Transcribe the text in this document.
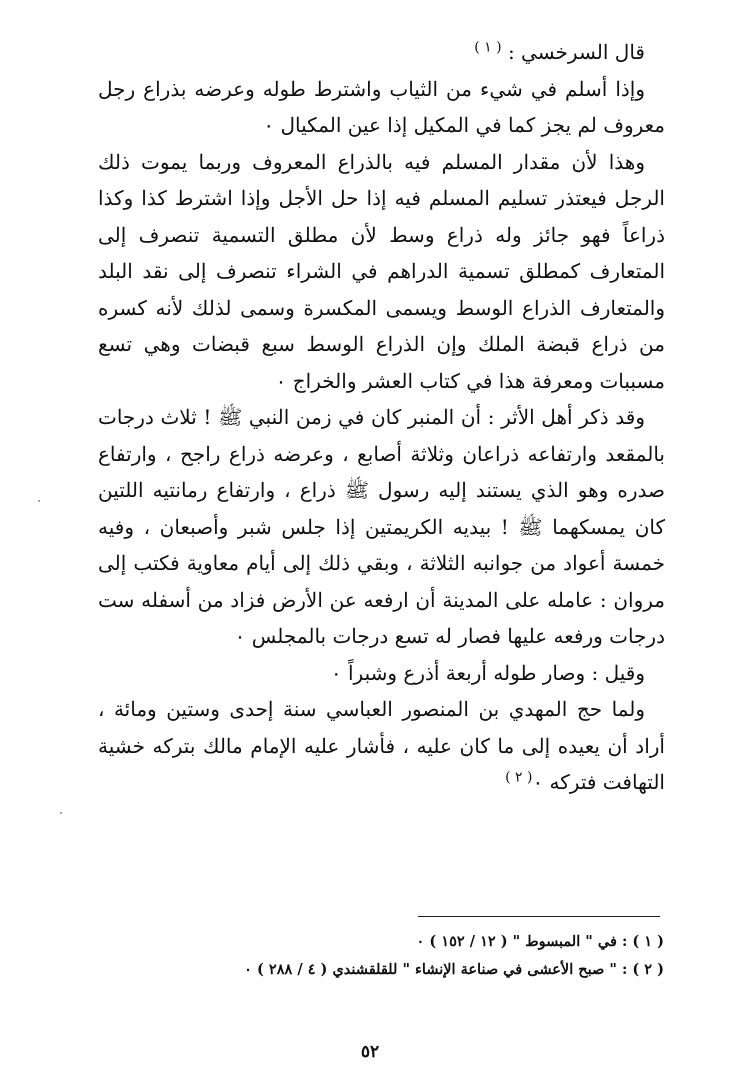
قال السرخسي : $^{( ١ )}$

وإذا أسلم في شيء من الثياب واشترط طوله وعرضه بذراع رجل معروف لم يجز كما في المكيل إذا عين المكيال ٠

وهذا لأن مقدار المسلم فيه بالذراع المعروف وربما يموت ذلك الرجل فيعتذر تسليم المسلم فيه إذا حل الأجل وإذا اشترط كذا وكذا ذراعاً فهو جائز وله ذراع وسط لأن مطلق التسمية تنصرف إلى المتعارف كمطلق تسمية الدراهم في الشراء تنصرف إلى نقد البلد والمتعارف الذراع الوسط ويسمى المكسرة وسمى لذلك لأنه كسره من ذراع قبضة الملك وإن الذراع الوسط سبع قبضات وهي تسع مسببات ومعرفة هذا في كتاب العشر والخراج ٠

وقد ذكر أهل الأثر : أن المنبر كان في زمن النبي ﷺ ! ثلاث درجات بالمقعد وارتفاعه ذراعان وثلاثة أصابع ، وعرضه ذراع راجح ، وارتفاع صدره وهو الذي يستند إليه رسول ﷺ ذراع ، وارتفاع رمانتيه اللتين كان يمسكهما ﷺ ! بيديه الكريمتين إذا جلس شبر وأصبعان ، وفيه خمسة أعواد من جوانبه الثلاثة ، وبقي ذلك إلى أيام معاوية فكتب إلى مروان : عامله على المدينة أن ارفعه عن الأرض فزاد من أسفله ست درجات ورفعه عليها فصار له تسع درجات بالمجلس ٠

وقيل : وصار طوله أربعة أذرع وشبراً ٠

ولما حج المهدي بن المنصور العباسي سنة إحدى وستين ومائة ، أراد أن يعيده إلى ما كان عليه ، فأشار عليه الإمام مالك بتركه خشية التهافت فتركه ٠$^{( ٢ )}$

( ١ ) : في " المبسوط " ( ١٢ / ١٥٢ ) ٠
( ٢ ) : " صبح الأعشى في صناعة الإنشاء " للقلقشندي ( ٤ / ٢٨٨ ) ٠
٥٢
